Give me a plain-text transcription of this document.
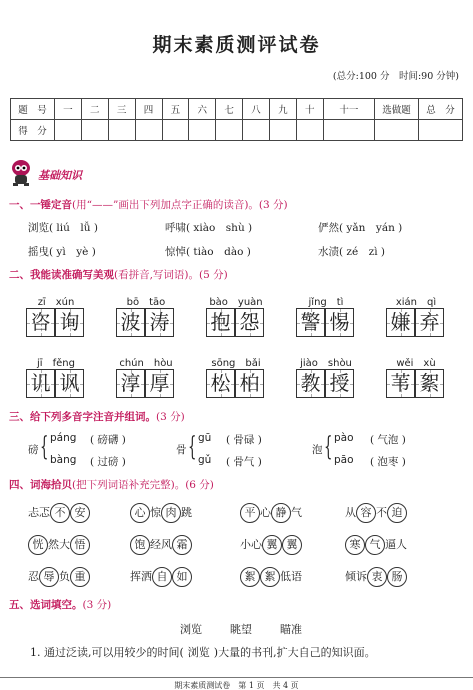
期末素质测评试卷
(总分:100 分　时间:90 分钟)
题　号	一	二	三	四	五	六	七	八	九	十	十一	选做题	总　分
得　分													
基础知识
一、一锤定音(用“——”画出下列加点字正确的读音)。(3 分)
浏览( liú　lǚ )	呼啸( xiào　shù )	俨然( yǎn　yán )
摇曳( yì　yè )	惊悼( tiào　dào )	水渍( zé　zì )
二、我能读准确写美观(看拼音,写词语)。(5 分)
zī　xún
咨 询
bō　tāo
波 涛
bào　yuàn
抱 怨
jǐng　tì
警 惕
xián　qì
嫌 弃
jī　fěng
讥 讽
chún　hòu
淳 厚
sōng　bǎi
松 柏
jiào　shòu
教 授
wěi　xù
苇 絮
三、给下列多音字注音并组词。(3 分)
磅 { páng ( 磅礴 )
bàng ( 过磅 )
骨 { gū ( 骨碌 )
gǔ ( 骨气 )
泡 { pào ( 气泡 )
pāo ( 泡枣 )
四、词海拾贝(把下列词语补充完整)。(6 分)
忐忑 不 安	心 惊 肉 跳	平 心 静 气	从 容 不 迫
恍 然大 悟	饱 经风 霜	小心 翼 翼	寒 气 逼人
忍 辱 负 重	挥洒 自 如	絮 絮 低语	倾诉 衷 肠
五、选词填空。(3 分)
浏览	眺望	瞄准
1. 通过泛读,可以用较少的时间( 浏览 )大量的书刊,扩大自己的知识面。
期末素质测试卷　第 1 页　共 4 页
